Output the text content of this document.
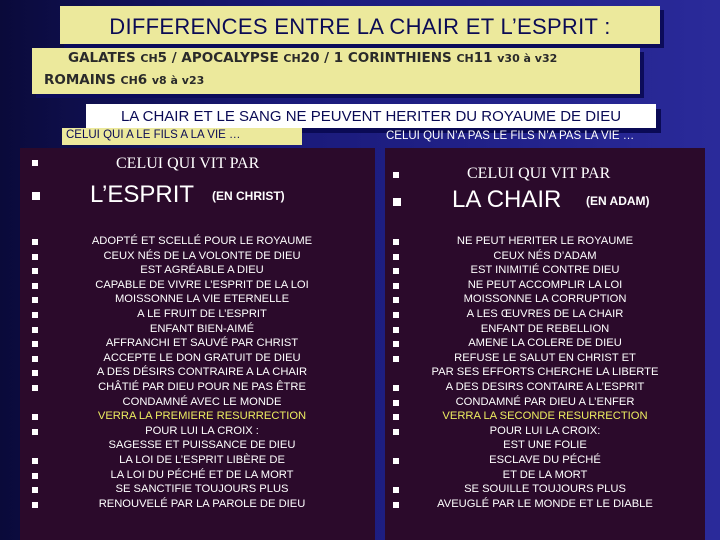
DIFFERENCES ENTRE LA CHAIR ET L’ESPRIT :
GALATES CH5 / APOCALYPSE CH20 / 1 CORINTHIENS CH11 v30 à v32
ROMAINS CH6 v8 à v23
LA CHAIR ET LE SANG NE PEUVENT HERITER DU ROYAUME DE DIEU
CELUI QUI A LE FILS A LA VIE …	CELUI QUI N’A PAS LE FILS N’A PAS LA VIE …
CELUI QUI VIT PAR
L’ESPRIT (EN CHRIST)
ADOPTÉ ET SCELLÉ POUR LE ROYAUME
CEUX NÉS DE LA VOLONTE DE DIEU
EST AGRÉABLE A DIEU
CAPABLE DE VIVRE L’ESPRIT DE LA LOI
MOISSONNE LA VIE ETERNELLE
A LE FRUIT DE L’ESPRIT
ENFANT BIEN-AIMÉ
AFFRANCHI ET SAUVÉ PAR CHRIST
ACCEPTE LE DON GRATUIT DE DIEU
A DES DÉSIRS CONTRAIRE A LA CHAIR
CHÂTIÉ PAR DIEU POUR NE PAS ÊTRE
CONDAMNÉ AVEC LE MONDE
VERRA LA PREMIERE RESURRECTION
POUR LUI LA CROIX :
SAGESSE ET PUISSANCE DE DIEU
LA LOI DE L’ESPRIT LIBÈRE DE
LA LOI DU PÉCHÉ ET DE LA MORT
SE SANCTIFIE TOUJOURS PLUS
RENOUVELÉ PAR LA PAROLE DE DIEU
CELUI QUI VIT PAR
LA CHAIR (EN ADAM)
NE PEUT HERITER LE ROYAUME
CEUX NÉS D’ADAM
EST INIMITIÉ CONTRE DIEU
NE PEUT ACCOMPLIR LA LOI
MOISSONNE LA CORRUPTION
A LES ŒUVRES DE LA CHAIR
ENFANT DE REBELLION
AMENE LA COLERE DE DIEU
REFUSE LE SALUT EN CHRIST ET
PAR SES EFFORTS CHERCHE LA LIBERTE
A DES DESIRS CONTAIRE A L’ESPRIT
CONDAMNÉ PAR DIEU A L’ENFER
VERRA LA SECONDE RESURRECTION
POUR LUI LA CROIX:
EST UNE FOLIE
ESCLAVE DU PÉCHÉ
ET DE LA MORT
SE SOUILLE TOUJOURS PLUS
AVEUGLÉ PAR LE MONDE ET LE DIABLE
